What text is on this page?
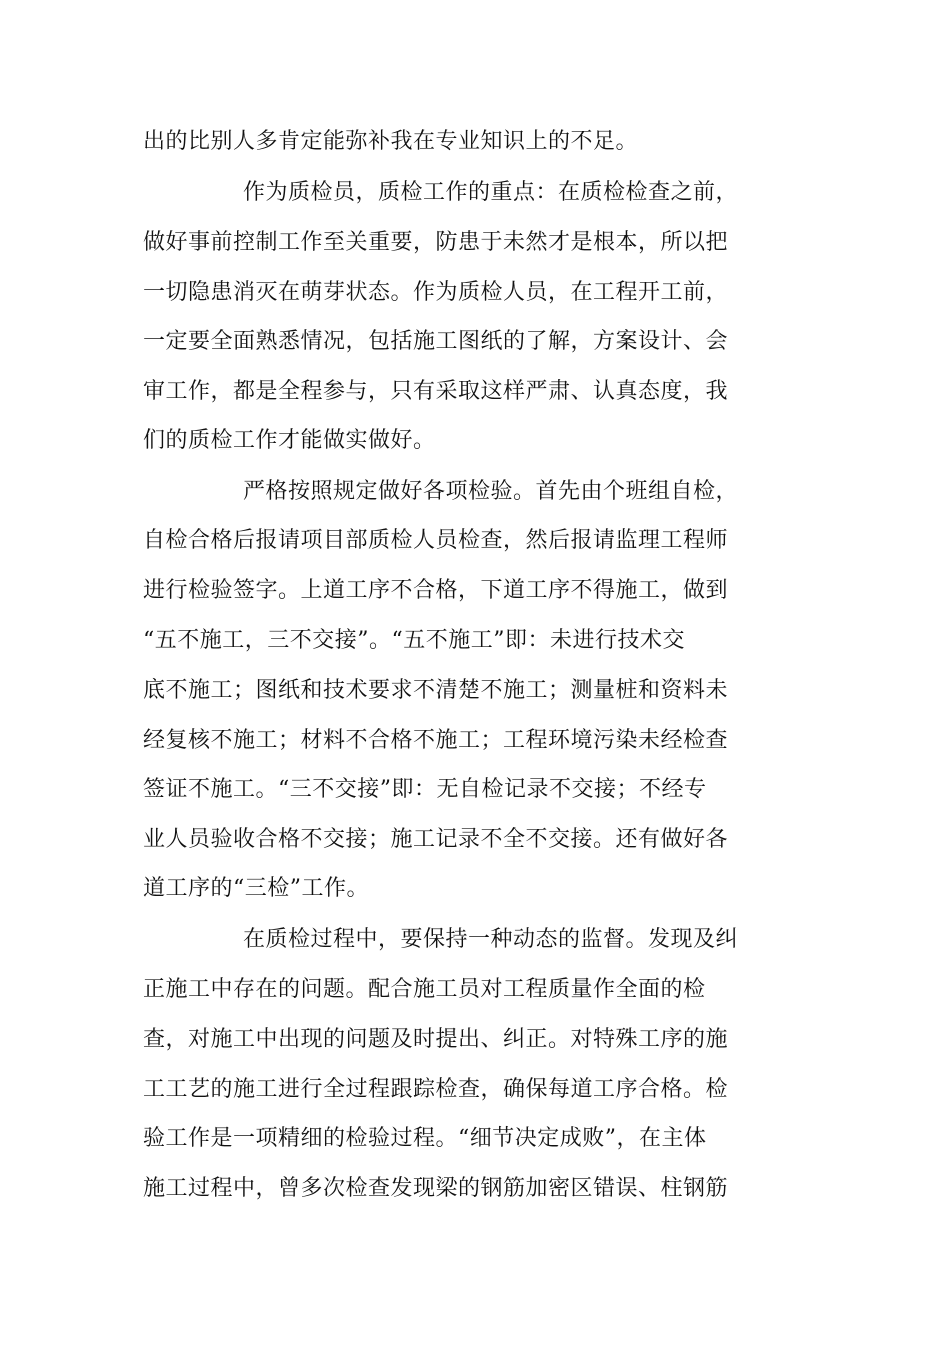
出的比别人多肯定能弥补我在专业知识上的不足。
作为质检员，质检工作的重点：在质检检查之前，
做好事前控制工作至关重要，防患于未然才是根本，所以把
一切隐患消灭在萌芽状态。作为质检人员，在工程开工前，
一定要全面熟悉情况，包括施工图纸的了解，方案设计、会
审工作，都是全程参与，只有采取这样严肃、认真态度，我
们的质检工作才能做实做好。
严格按照规定做好各项检验。首先由个班组自检，
自检合格后报请项目部质检人员检查，然后报请监理工程师
进行检验签字。上道工序不合格，下道工序不得施工，做到
“五不施工，三不交接”。“五不施工”即：未进行技术交
底不施工；图纸和技术要求不清楚不施工；测量桩和资料未
经复核不施工；材料不合格不施工；工程环境污染未经检查
签证不施工。“三不交接”即：无自检记录不交接；不经专
业人员验收合格不交接；施工记录不全不交接。还有做好各
道工序的“三检”工作。
在质检过程中，要保持一种动态的监督。发现及纠
正施工中存在的问题。配合施工员对工程质量作全面的检
查，对施工中出现的问题及时提出、纠正。对特殊工序的施
工工艺的施工进行全过程跟踪检查，确保每道工序合格。检
验工作是一项精细的检验过程。“细节决定成败”，在主体
施工过程中，曾多次检查发现梁的钢筋加密区错误、柱钢筋
